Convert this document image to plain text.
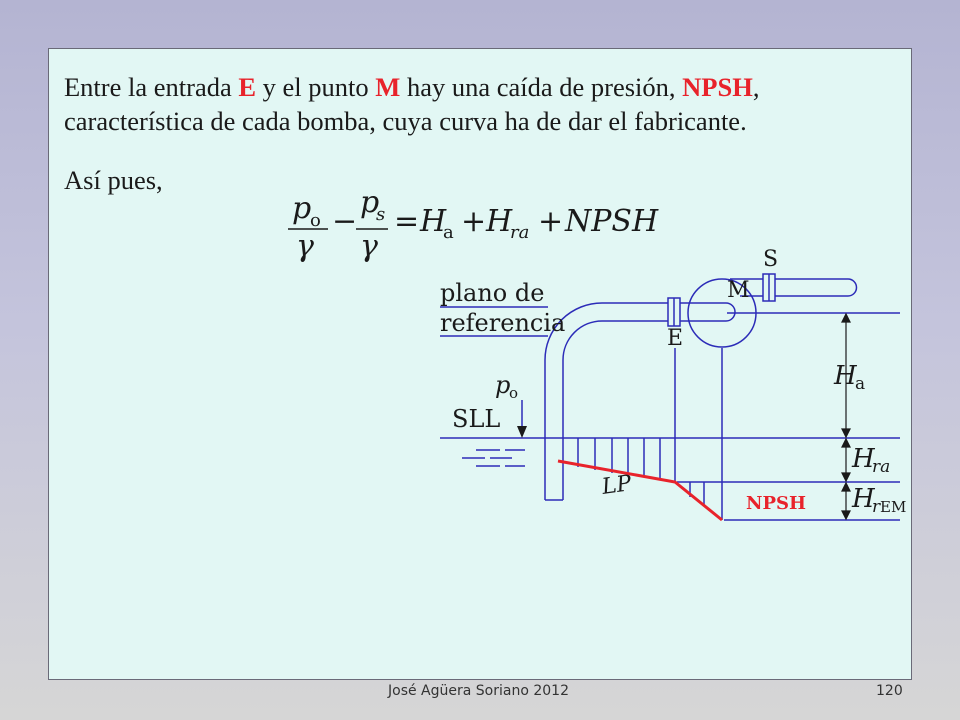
Entre la entrada E y el punto M hay una caída de presión, NPSH, característica de cada bomba, cuya curva ha de dar el fabricante.
Así pues,
p
o
γ
−
p
s
γ
= H
a + H
ra + NPSH
plano de
referencia
S
M
E
SLL
p
o
LP
NPSH
H
a
H
ra
H
r EM
José Agüera Soriano 2012	120
